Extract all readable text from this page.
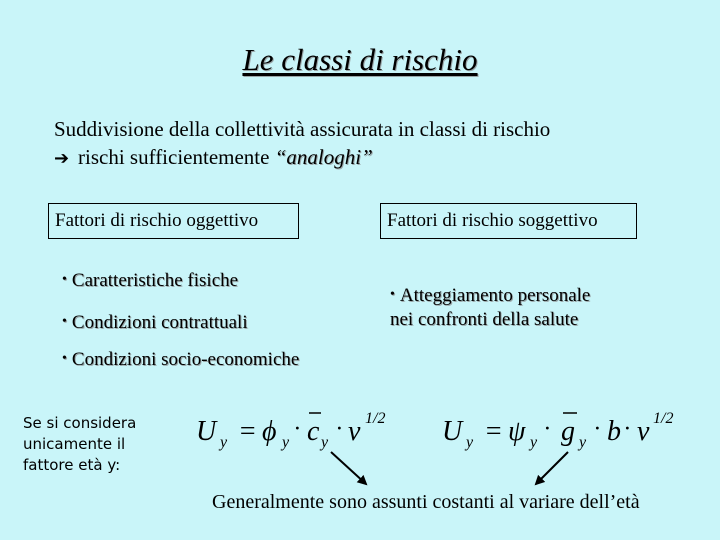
Le classi di rischio
Suddivisione della collettività assicurata in classi di rischio
➔ rischi sufficientemente “analoghi”
Fattori di rischio oggettivo	Fattori di rischio soggettivo
• Caratteristiche fisiche
• Condizioni contrattuali
• Condizioni socio-economiche
• Atteggiamento personale
nei confronti della salute
Se si considera unicamente il fattore età y:
U y = ϕ y
· c y
· v 1/2 U y = ψ y
· g y
· b · v 1/2
Generalmente sono assunti costanti al variare dell’età
